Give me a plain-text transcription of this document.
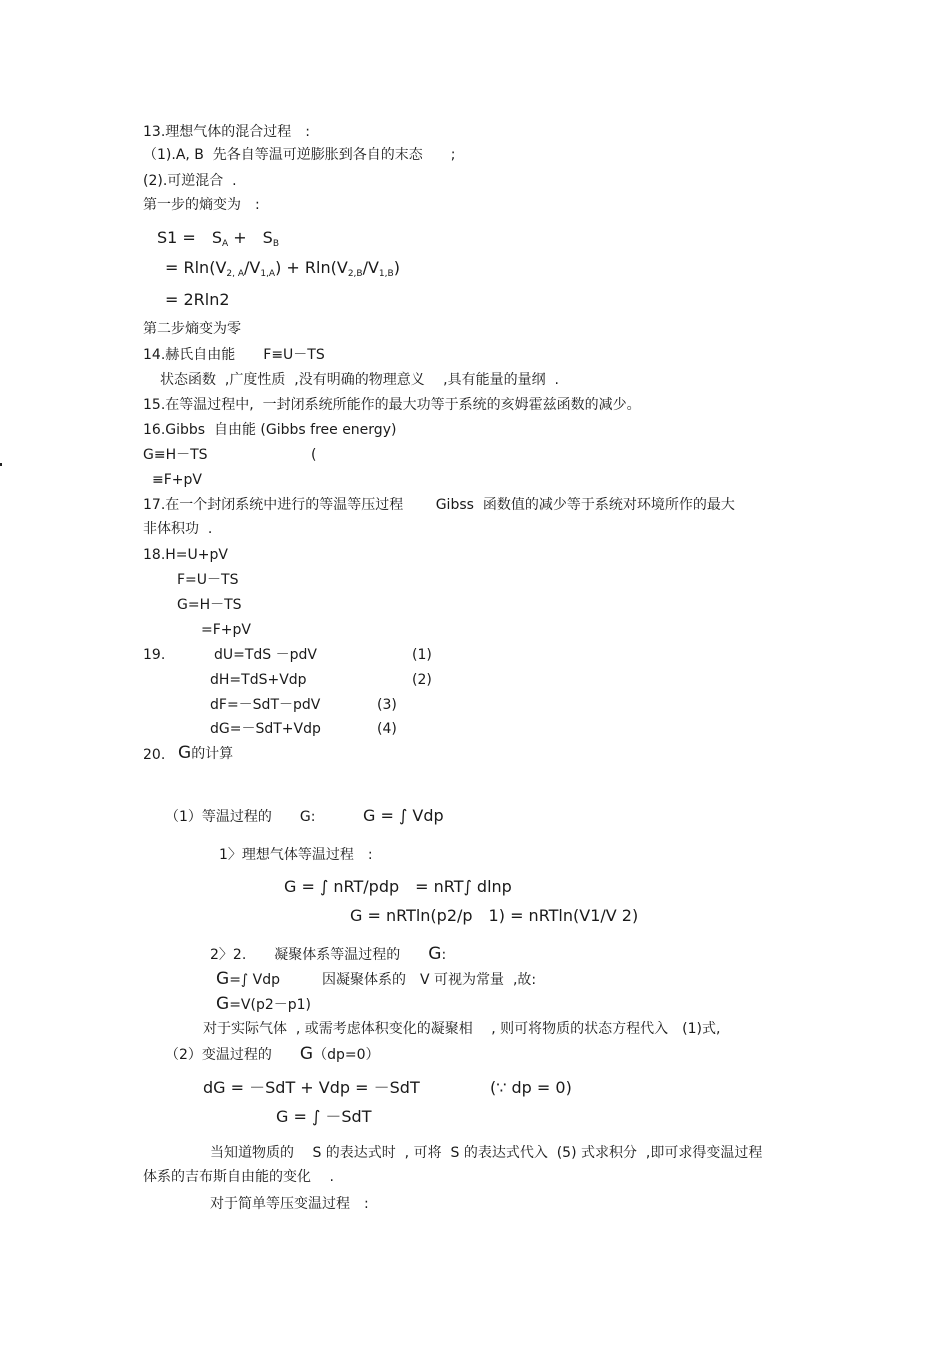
13.理想气体的混合过程　:
（1).A, B  先各自等温可逆膨胀到各自的末态　　;
(2).可逆混合  .
第一步的熵变为　:
S1 =　$S_A$ +　$S_B$
= $Rln(V_{2, A}/V_{1,A}) + Rln(V_{2,B}/V_{1,B})$
= 2Rln2
第二步熵变为零
14.赫氏自由能　　F≡U－TS
状态函数  ,广度性质  ,没有明确的物理意义　 ,具有能量的量纲  .
15.在等温过程中,  一封闭系统所能作的最大功等于系统的亥姆霍兹函数的减少。
16.Gibbs  自由能 (Gibbs free energy)
G≡H－TS	(
≡F+pV
17.在一个封闭系统中进行的等温等压过程　　 Gibss  函数值的减少等于系统对环境所作的最大
非体积功  .
18.H=U+pV
F=U－TS
G=H－TS
=F+pV
19.	dU=TdS －pdV	(1)
dH=TdS+Vdp	(2)
dF=－SdT－pdV	(3)
dG=－SdT+Vdp	(4)
20. G的计算
（1）等温过程的　　G:	G = ∫ Vdp
1〉理想气体等温过程　:
G = ∫ nRT/pdp　= nRT∫ dlnp
G = nRTln(p2/p　1) = nRTln(V1/V 2)
2〉2.　　凝聚体系等温过程的　　G:
G=∫ Vdp　　　因凝聚体系的　V 可视为常量  ,故:
G=V(p2－p1)
对于实际气体  , 或需考虑体积变化的凝聚相　 , 则可将物质的状态方程代入　(1)式,
（2）变温过程的　　G（dp=0）
dG = －SdT + Vdp = －SdT	(∵ dp = 0)
G = ∫ －SdT
当知道物质的　 S 的表达式时  , 可将  S 的表达式代入  (5) 式求积分  ,即可求得变温过程
体系的吉布斯自由能的变化　 .
对于简单等压变温过程　:
